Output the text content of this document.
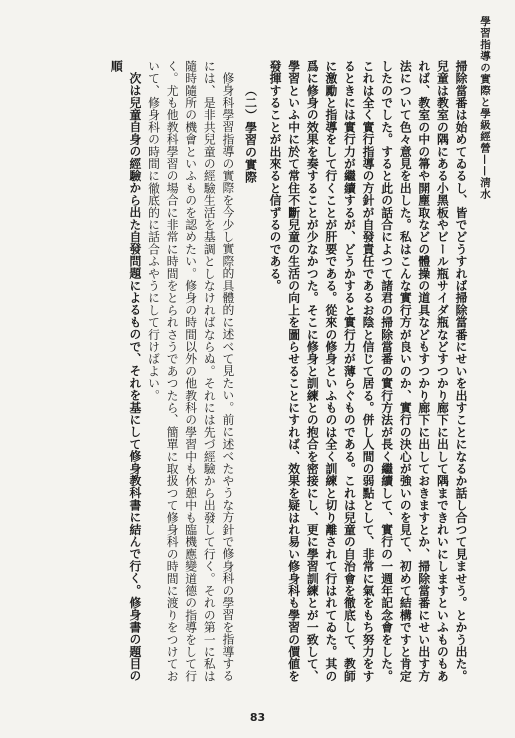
學習指導の實際と學級經營——淸水

掃除當番は始めてゐるし、皆でどうすれば掃除當番にせいを出すことになるか話し合つて見ませう。とかう出た。兒童は教室の隅にある小黑板やビール瓶サイダ瓶などすつかり廊下に出して隅まできれいにしますといふものもあれば、教室の中の箒や開塵取などの體操の道具などもすつかり廊下に出しておきますとか、掃除當番にせい出す方法について色々意見を出した。私はこんな實行方が良いのか、實行の決心が強いのを見て、初めて結構ですと肯定したのでした。すると此の話合によつて諸君の掃除當番の實行方法が長く繼續して、實行の一週年記念會をした。これは全く實行指導の方針が自發責任であるお陰と信じて居る。併し人間の弱點として、非常に氣をもち努力をするときには實行力が繼續するが、どうかすると實行力が薄らぐものである。これは兒童の自治會を徹底して、教師に激勵と指導をして行くことが肝要である。從來の修身といふものは全く訓練と切り離されて行はれてゐた。其の爲に修身の效果を奏することが少なかつた。そこに修身と訓練との抱合を密接にし、更に學習訓練とが一致して、學習といふ中に於て常住不斷兒童の生活の向上を圖らせることにすれば、效果を疑はれ易い修身科も學習の價値を發揮することが出來ると信ずるのである。

（二）學習の實際

修身科學習指導の實際を今少し實際的具體的に述べて見たい。前に述べたやうな方針で修身科の學習を指導するには、是非共兒童の經驗生活を基調としなければならぬ。それには先づ經驗から出發して行く。それの第一に私は隨時隨所の機會といふものを認めたい。修身の時間以外の他教科の學習中も休憩中も臨機應變道德の指導をして行く。尤も他教科學習の場合に非常に時間をとられさうであつたら、簡單に取扱つて修身科の時間に渡りをつけておいて、修身科の時間に徹底的に話合ふやうにして行けばよい。

次は兒童自身の經驗から出た自發問題によるもので、それを基にして修身教科書に結んで行く。修身書の題目の順

83
